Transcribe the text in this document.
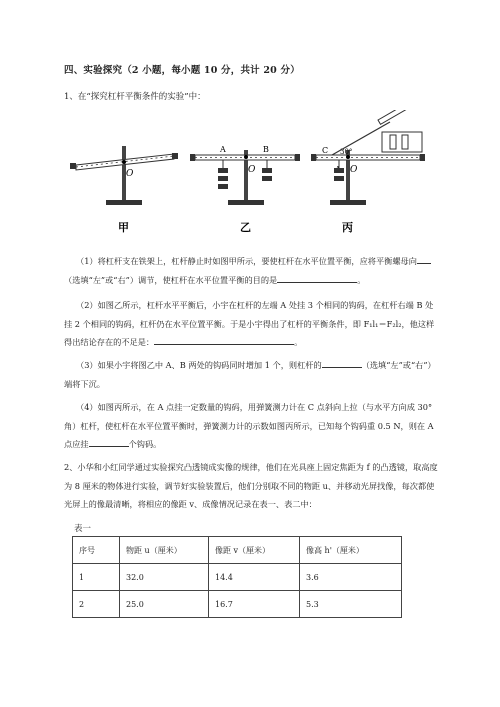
四、实验探究（2 小题，每小题 10 分，共计 20 分）
1、在“探究杠杆平衡条件的实验”中：
O	O
A	B
O
C 30°
甲	乙	丙
（1）将杠杆支在铁架上，杠杆静止时如图甲所示，要使杠杆在水平位置平衡，应将平衡螺母向（选填“左”或“右”）调节，使杠杆在水平位置平衡的目的是	。
（2）如图乙所示，杠杆水平平衡后，小宇在杠杆的左端 A 处挂 3 个相同的钩码，在杠杆右端 B 处挂 2 个相同的钩码，杠杆仍在水平位置平衡。于是小宇得出了杠杆的平衡条件，即 F₁l₁＝F₂l₂，他这样得出结论存在的不足是：	。
（3）如果小宇将图乙中 A、B 两处的钩码同时增加 1 个，则杠杆的	（选填“左”或“右”）端将下沉。
（4）如图丙所示，在 A 点挂一定数量的钩码，用弹簧测力计在 C 点斜向上拉（与水平方向成 30°角）杠杆，使杠杆在水平位置平衡时，弹簧测力计的示数如图丙所示，已知每个钩码重 0.5 N，则在 A 点应挂	个钩码。
2、小华和小红同学通过实验探究凸透镜成实像的规律，他们在光具座上固定焦距为 f 的凸透镜，取高度为 8 厘米的物体进行实验，调节好实验装置后，他们分别取不同的物距 u、并移动光屏找像，每次都使光屏上的像最清晰，将相应的像距 v、成像情况记录在表一、表二中：
表一
序号	物距 u（厘米）	像距 v（厘米）	像高 h'（厘米）
1	32.0	14.4	3.6
2	25.0	16.7	5.3
